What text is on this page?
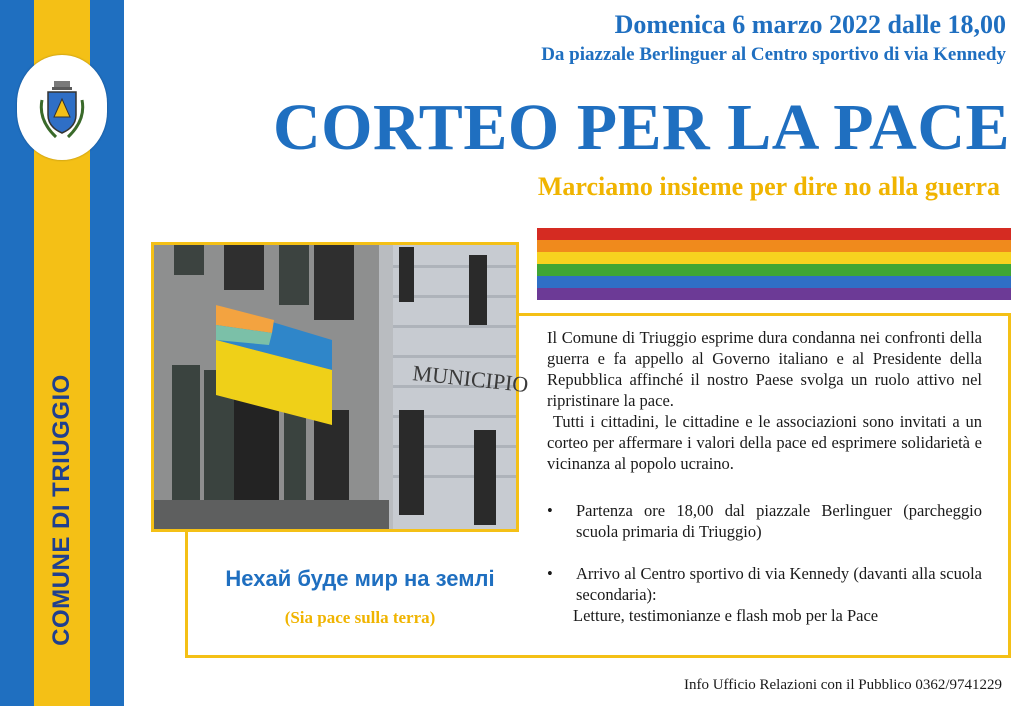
COMUNE DI TRIUGGIO
Domenica 6 marzo 2022 dalle 18,00
Da piazzale Berlinguer al Centro sportivo di via Kennedy
CORTEO PER LA PACE
Marciamo insieme per dire no alla guerra
MUNICIPIO

Il Comune di Triuggio esprime dura condanna nei confronti della guerra e fa appello al Governo italiano e al Presidente della Repubblica affinché il nostro Paese svolga un ruolo attivo nel ripristinare la pace.

Tutti i cittadini, le cittadine e le associazioni sono invitati a un corteo per affermare i valori della pace ed esprimere solidarietà e vicinanza al popolo ucraino.

• Partenza ore 18,00 dal piazzale Berlinguer (parcheggio scuola primaria di Triuggio)
• Arrivo al Centro sportivo di via Kennedy (davanti alla scuola secondaria):
Letture, testimonianze e flash mob per la Pace
Нехай буде мир на землі
(Sia pace sulla terra)
Info Ufficio Relazioni con il Pubblico 0362/9741229
